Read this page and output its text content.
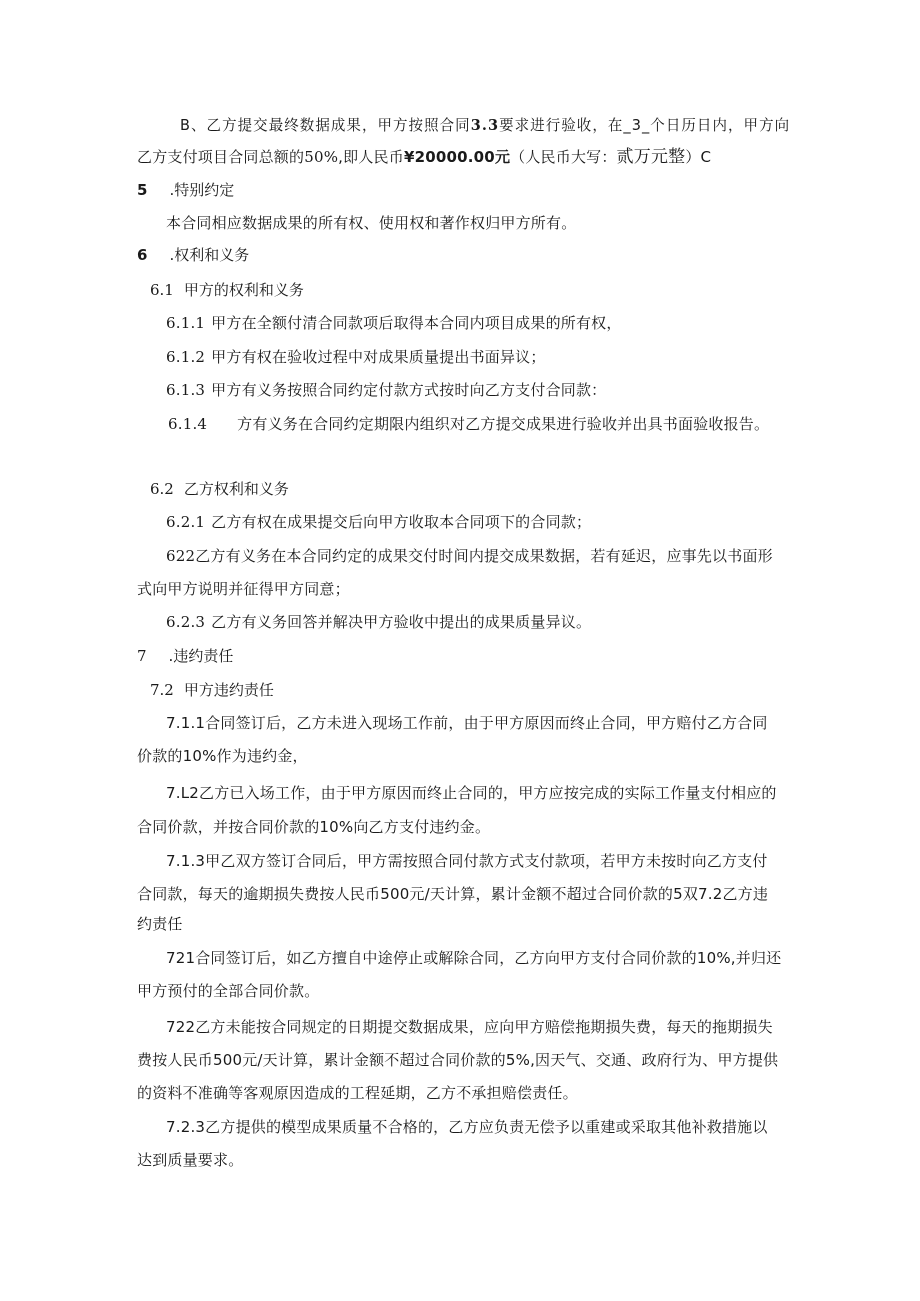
B、乙方提交最终数据成果，甲方按照合同3.3要求进行验收，在_3_个日历日内，甲方向
乙方支付项目合同总额的50%,即人民币¥20000.00元（人民币大写：贰万元整）C
5 .特别约定
本合同相应数据成果的所有权、使用权和著作权归甲方所有。
6 .权利和义务
6.1 甲方的权利和义务
6.1.1 甲方在全额付清合同款项后取得本合同内项目成果的所有权，
6.1.2 甲方有权在验收过程中对成果质量提出书面异议；
6.1.3 甲方有义务按照合同约定付款方式按时向乙方支付合同款：
6.1.4 方有义务在合同约定期限内组织对乙方提交成果进行验收并出具书面验收报告。
6.2 乙方权利和义务
6.2.1 乙方有权在成果提交后向甲方收取本合同项下的合同款；
622乙方有义务在本合同约定的成果交付时间内提交成果数据，若有延迟，应事先以书面形
式向甲方说明并征得甲方同意；
6.2.3 乙方有义务回答并解决甲方验收中提出的成果质量异议。
7 .违约责任
7.2 甲方违约责任
7.1.1合同签订后，乙方未进入现场工作前，由于甲方原因而终止合同，甲方赔付乙方合同
价款的10%作为违约金，
7.L2乙方已入场工作，由于甲方原因而终止合同的，甲方应按完成的实际工作量支付相应的
合同价款，并按合同价款的10%向乙方支付违约金。
7.1.3甲乙双方签订合同后，甲方需按照合同付款方式支付款项，若甲方未按时向乙方支付
合同款，每天的逾期损失费按人民币500元/天计算，累计金额不超过合同价款的5双7.2乙方违
约责任
721合同签订后，如乙方擅自中途停止或解除合同，乙方向甲方支付合同价款的10%,并归还
甲方预付的全部合同价款。
722乙方未能按合同规定的日期提交数据成果，应向甲方赔偿拖期损失费，每天的拖期损失
费按人民币500元/天计算，累计金额不超过合同价款的5%,因天气、交通、政府行为、甲方提供
的资料不准确等客观原因造成的工程延期，乙方不承担赔偿责任。
7.2.3乙方提供的模型成果质量不合格的，乙方应负责无偿予以重建或采取其他补救措施以
达到质量要求。
